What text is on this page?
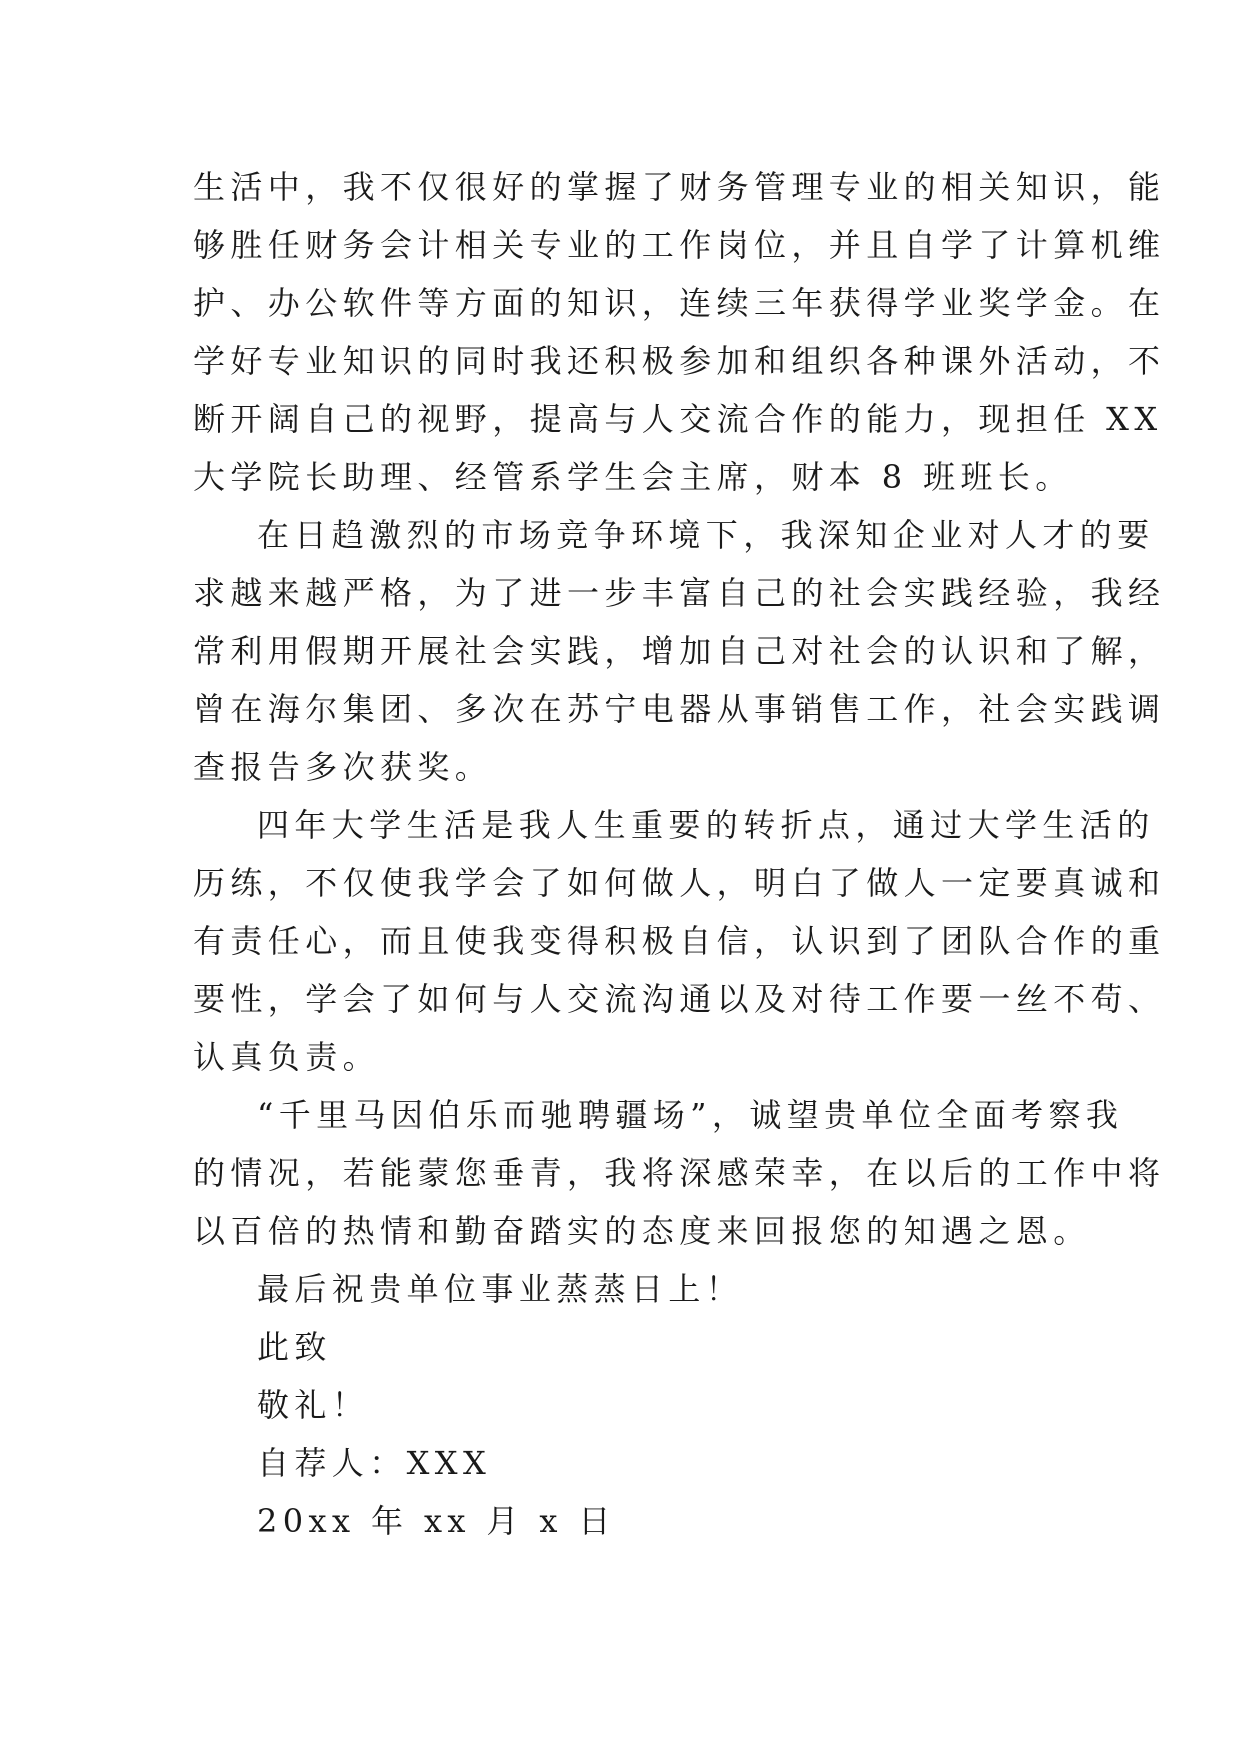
生活中，我不仅很好的掌握了财务管理专业的相关知识，能
够胜任财务会计相关专业的工作岗位，并且自学了计算机维
护、办公软件等方面的知识，连续三年获得学业奖学金。在
学好专业知识的同时我还积极参加和组织各种课外活动，不
断开阔自己的视野，提高与人交流合作的能力，现担任 XX
大学院长助理、经管系学生会主席，财本 8 班班长。
在日趋激烈的市场竞争环境下，我深知企业对人才的要
求越来越严格，为了进一步丰富自己的社会实践经验，我经
常利用假期开展社会实践，增加自己对社会的认识和了解，
曾在海尔集团、多次在苏宁电器从事销售工作，社会实践调
查报告多次获奖。
四年大学生活是我人生重要的转折点，通过大学生活的
历练，不仅使我学会了如何做人，明白了做人一定要真诚和
有责任心，而且使我变得积极自信，认识到了团队合作的重
要性，学会了如何与人交流沟通以及对待工作要一丝不苟、
认真负责。
“千里马因伯乐而驰聘疆场”，诚望贵单位全面考察我
的情况，若能蒙您垂青，我将深感荣幸，在以后的工作中将
以百倍的热情和勤奋踏实的态度来回报您的知遇之恩。
最后祝贵单位事业蒸蒸日上！
此致
敬礼！
自荐人：XXX
20xx 年 xx 月 x 日
